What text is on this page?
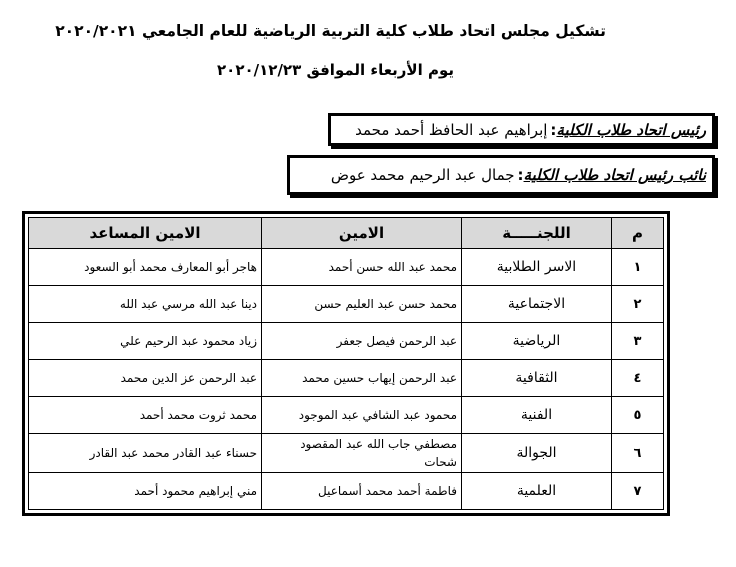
تشكيل مجلس اتحاد طلاب كلية التربية الرياضية للعام الجامعي ٢٠٢٠/٢٠٢١
يوم الأربعاء الموافق ٢٠٢٠/١٢/٢٣
رئيس اتحاد طلاب الكلية
:
إبراهيم عبد الحافظ أحمد محمد
نائب رئيس اتحاد طلاب الكلية
:
جمال عبد الرحيم محمد عوض
م	اللجنـــــة	الامين	الامين المساعد
١	الاسر الطلابية	محمد عبد الله حسن أحمد	هاجر أبو المعارف محمد أبو السعود
٢	الاجتماعية	محمد حسن عبد العليم حسن	دينا عبد الله مرسي عبد الله
٣	الرياضية	عبد الرحمن فيصل جعفر	زياد محمود عبد الرحيم علي
٤	الثقافية	عبد الرحمن إيهاب حسين محمد	عبد الرحمن عز الدين محمد
٥	الفنية	محمود عبد الشافي عبد الموجود	محمد ثروت محمد أحمد
٦	الجوالة	مصطفي جاب الله عبد المقصود شحات	حسناء عبد القادر محمد عبد القادر
٧	العلمية	فاطمة أحمد محمد أسماعيل	مني إبراهيم محمود أحمد
